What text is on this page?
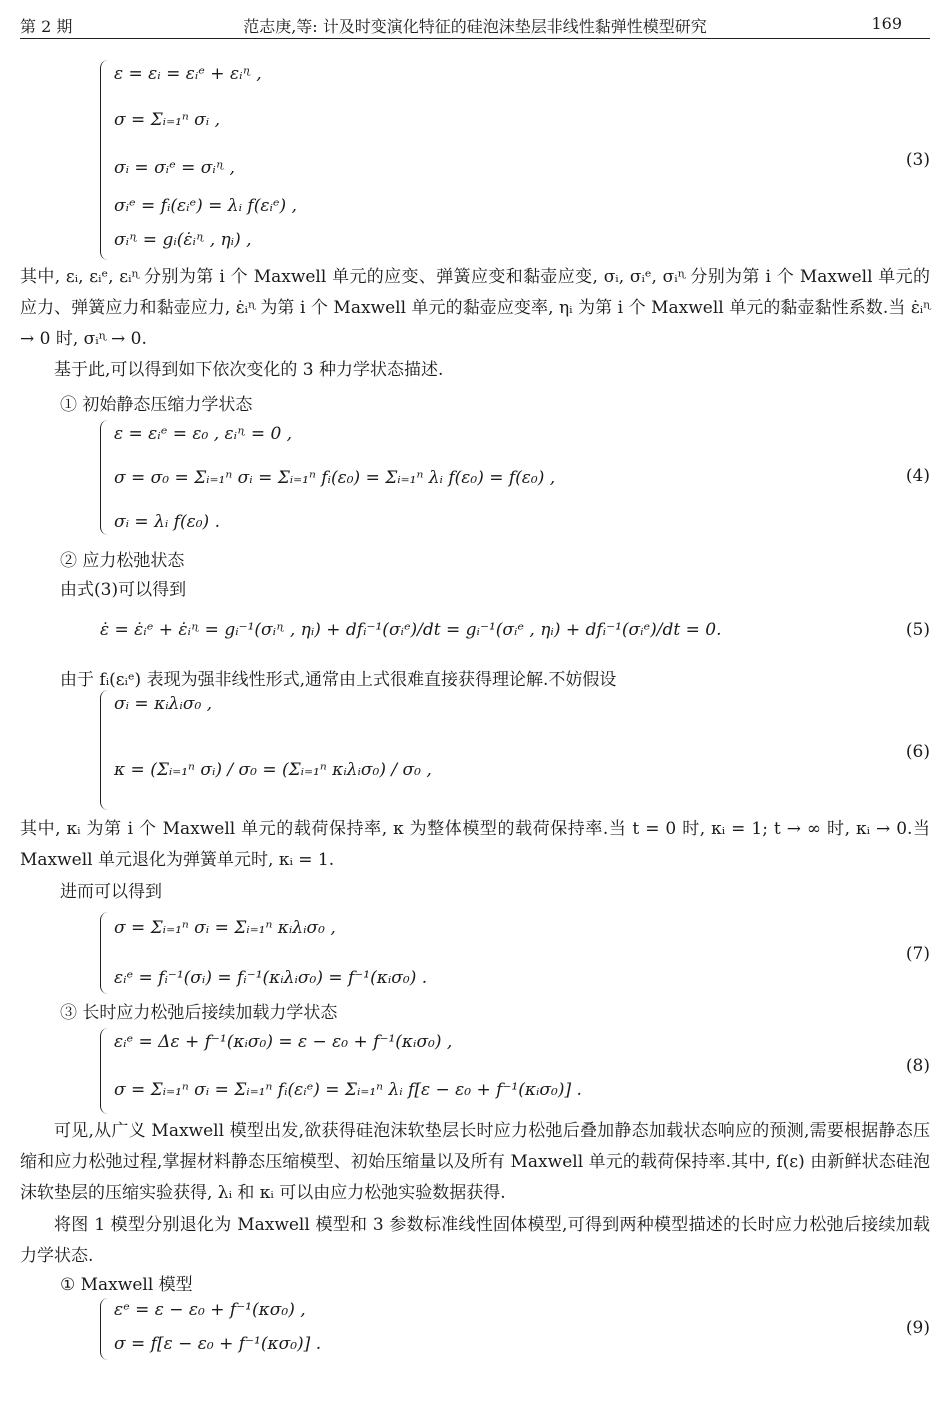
第 2 期	范志庚,等: 计及时变演化特征的硅泡沫垫层非线性黏弹性模型研究	169
ε = εᵢ = εᵢᵉ + εᵢᶯ ,
σ = Σᵢ₌₁ⁿ σᵢ ,
σᵢ = σᵢᵉ = σᵢᶯ ,
σᵢᵉ = fᵢ(εᵢᵉ) = λᵢ f(εᵢᵉ) ,
σᵢᶯ = gᵢ(ε̇ᵢᶯ , ηᵢ) ,
(3)
其中, εᵢ, εᵢᵉ, εᵢᶯ 分别为第 i 个 Maxwell 单元的应变、弹簧应变和黏壶应变, σᵢ, σᵢᵉ, σᵢᶯ 分别为第 i 个 Maxwell 单元的应力、弹簧应力和黏壶应力, ε̇ᵢᶯ 为第 i 个 Maxwell 单元的黏壶应变率, ηᵢ 为第 i 个 Maxwell 单元的黏壶黏性系数.当 ε̇ᵢᶯ → 0 时, σᵢᶯ → 0.
基于此,可以得到如下依次变化的 3 种力学状态描述.
① 初始静态压缩力学状态
ε = εᵢᵉ = ε₀ , εᵢᶯ = 0 ,
σ = σ₀ = Σᵢ₌₁ⁿ σᵢ = Σᵢ₌₁ⁿ fᵢ(ε₀) = Σᵢ₌₁ⁿ λᵢ f(ε₀) = f(ε₀) ,
σᵢ = λᵢ f(ε₀) .
(4)
② 应力松弛状态
由式(3)可以得到
ε̇ = ε̇ᵢᵉ + ε̇ᵢᶯ = gᵢ⁻¹(σᵢᶯ , ηᵢ) + dfᵢ⁻¹(σᵢᵉ)/dt = gᵢ⁻¹(σᵢᵉ , ηᵢ) + dfᵢ⁻¹(σᵢᵉ)/dt = 0.	(5)
由于 fᵢ(εᵢᵉ) 表现为强非线性形式,通常由上式很难直接获得理论解.不妨假设
σᵢ = κᵢλᵢσ₀ ,
κ = (Σᵢ₌₁ⁿ σᵢ) / σ₀ = (Σᵢ₌₁ⁿ κᵢλᵢσ₀) / σ₀ ,
(6)
其中, κᵢ 为第 i 个 Maxwell 单元的载荷保持率, κ 为整体模型的载荷保持率.当 t = 0 时, κᵢ = 1; t → ∞ 时, κᵢ → 0.当 Maxwell 单元退化为弹簧单元时, κᵢ = 1.
进而可以得到
σ = Σᵢ₌₁ⁿ σᵢ = Σᵢ₌₁ⁿ κᵢλᵢσ₀ ,
εᵢᵉ = fᵢ⁻¹(σᵢ) = fᵢ⁻¹(κᵢλᵢσ₀) = f⁻¹(κᵢσ₀) .
(7)
③ 长时应力松弛后接续加载力学状态
εᵢᵉ = Δε + f⁻¹(κᵢσ₀) = ε − ε₀ + f⁻¹(κᵢσ₀) ,
σ = Σᵢ₌₁ⁿ σᵢ = Σᵢ₌₁ⁿ fᵢ(εᵢᵉ) = Σᵢ₌₁ⁿ λᵢ f[ε − ε₀ + f⁻¹(κᵢσ₀)] .
(8)
可见,从广义 Maxwell 模型出发,欲获得硅泡沫软垫层长时应力松弛后叠加静态加载状态响应的预测,需要根据静态压缩和应力松弛过程,掌握材料静态压缩模型、初始压缩量以及所有 Maxwell 单元的载荷保持率.其中, f(ε) 由新鲜状态硅泡沫软垫层的压缩实验获得, λᵢ 和 κᵢ 可以由应力松弛实验数据获得.
将图 1 模型分别退化为 Maxwell 模型和 3 参数标准线性固体模型,可得到两种模型描述的长时应力松弛后接续加载力学状态.
① Maxwell 模型
εᵉ = ε − ε₀ + f⁻¹(κσ₀) ,
σ = f[ε − ε₀ + f⁻¹(κσ₀)] .
(9)
